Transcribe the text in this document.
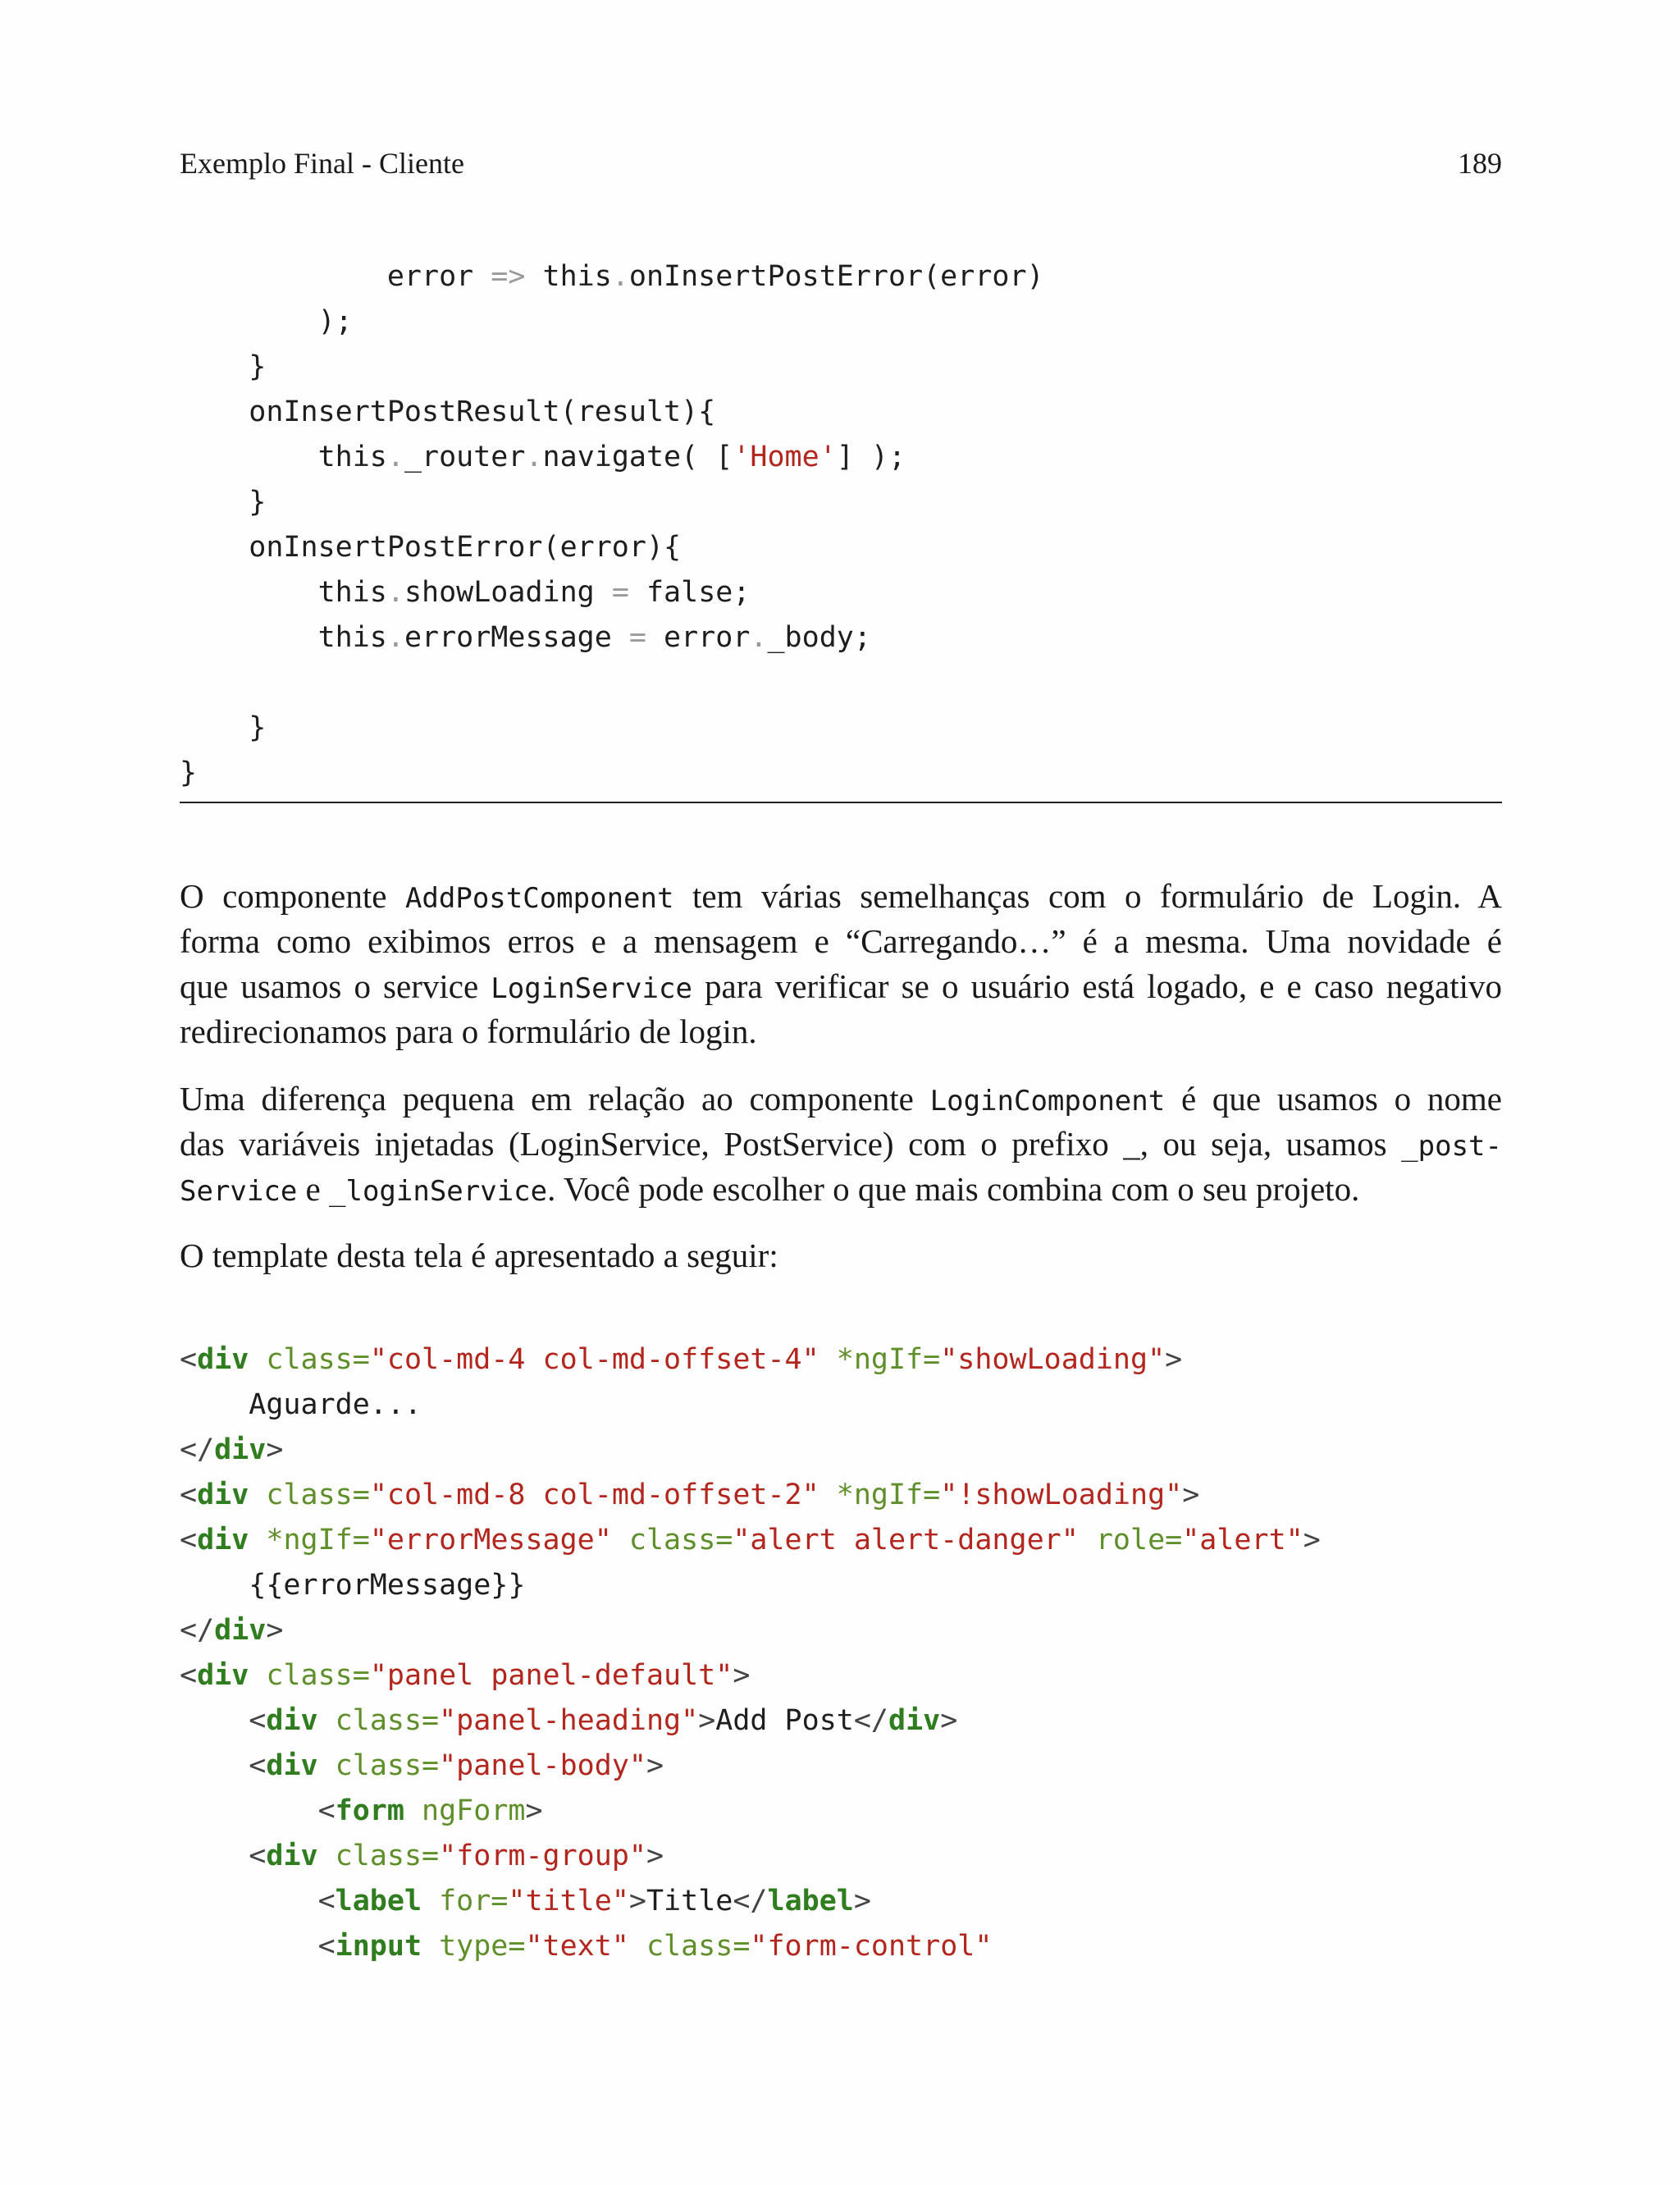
Exemplo Final - Cliente	189
error => this.onInsertPostError(error)
);
}
onInsertPostResult(result){
this._router.navigate( ['Home'] );
}
onInsertPostError(error){
this.showLoading = false;
this.errorMessage = error._body;
}
}
O componente AddPostComponent tem várias semelhanças com o formulário de Login. A
forma como exibimos erros e a mensagem e “Carregando…” é a mesma. Uma novidade é
que usamos o service LoginService para verificar se o usuário está logado, e e caso negativo
redirecionamos para o formulário de login.
Uma diferença pequena em relação ao componente LoginComponent é que usamos o nome
das variáveis injetadas (LoginService, PostService) com o prefixo _, ou seja, usamos _post-
Service e _loginService. Você pode escolher o que mais combina com o seu projeto.
O template desta tela é apresentado a seguir:
<div class="col-md-4 col-md-offset-4" *ngIf="showLoading">
Aguarde...
</div>
<div class="col-md-8 col-md-offset-2" *ngIf="!showLoading">
<div *ngIf="errorMessage" class="alert alert-danger" role="alert">
{{errorMessage}}
</div>
<div class="panel panel-default">
<div class="panel-heading">Add Post</div>
<div class="panel-body">
<form ngForm>
<div class="form-group">
<label for="title">Title</label>
<input type="text" class="form-control"
